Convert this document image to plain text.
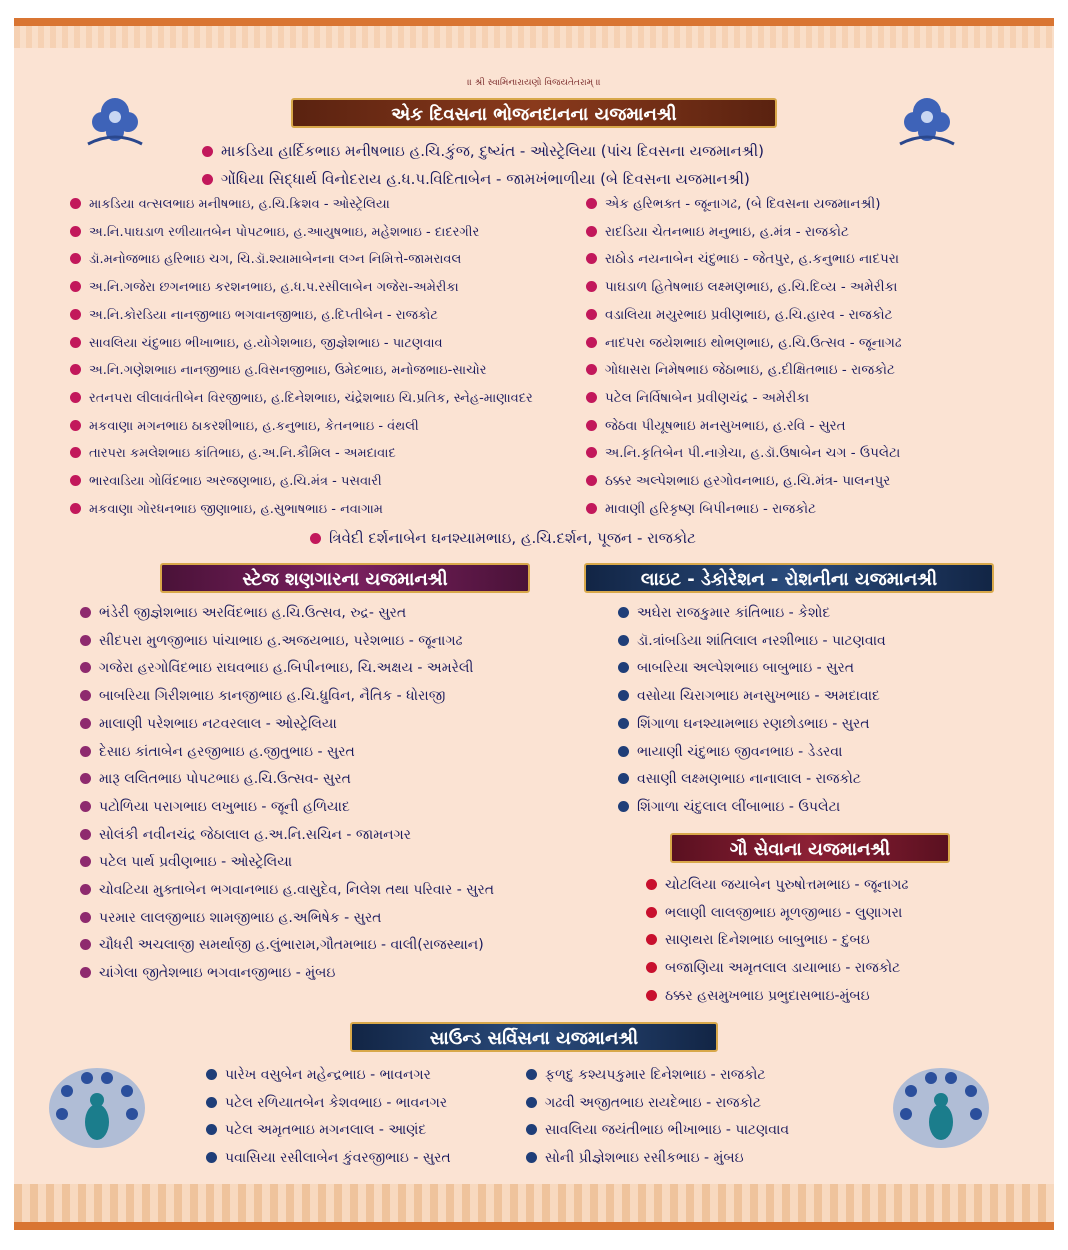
॥ શ્રી સ્વામિનારાયણો વિજયતેતરામ્ ॥
એક દિવસના ભોજનદાનના યજમાનશ્રી
સ્ટેજ શણગારના યજમાનશ્રી	લાઇટ - ડેકોરેશન - રોશનીના યજમાનશ્રી
ગૌ સેવાના યજમાનશ્રી
સાઉન્ડ સર્વિસના યજમાનશ્રી
માકડિયા હાર્દિકભાઇ મનીષભાઇ હ.ચિ.કુંજ, દુષ્યંત - ઓસ્ટ્રેલિયા (પાંચ દિવસના યજમાનશ્રી)
ગોંધિયા સિદ્ધાર્થ વિનોદરાય હ.ધ.પ.વિદિતાબેન - જામખંભાળીયા (બે દિવસના યજમાનશ્રી)
માકડિયા વત્સલભાઇ મનીષભાઇ, હ.ચિ.ક્રિશવ - ઓસ્ટ્રેલિયા
અ.નિ.પાઘડાળ રળીયાતબેન પોપટભાઇ, હ.આયુષભાઇ, મહેશભાઇ - દાદરગીર
ડૉ.મનોજભાઇ હરિભાઇ ચગ, ચિ.ડૉ.શ્યામાબેનના લગ્ન નિમિત્તે-જામરાવલ
અ.નિ.ગજેરા છગનભાઇ કરશનભાઇ, હ.ધ.પ.રસીલાબેન ગજેરા-અમેરીકા
અ.નિ.કોરડિયા નાનજીભાઇ ભગવાનજીભાઇ, હ.દિપ્તીબેન - રાજકોટ
સાવલિયા ચંદુભાઇ ભીખાભાઇ, હ.યોગેશભાઇ, જીજ્ઞેશભાઇ - પાટણવાવ
અ.નિ.ગણેશભાઇ નાનજીભાઇ હ.વિસનજીભાઇ, ઉમેદભાઇ, મનોજભાઇ-સાચોર
રતનપરા લીલાવંતીબેન વિરજીભાઇ, હ.દિનેશભાઇ, ચંદ્રેશભાઇ ચિ.પ્રતિક, સ્નેહ-માણાવદર
મકવાણા મગનભાઇ ઠાકરશીભાઇ, હ.કનુભાઇ, કેતનભાઇ - વંથલી
તારપરા કમલેશભાઇ કાંતિભાઇ, હ.અ.નિ.કૌમિલ - અમદાવાદ
ભારવાડિયા ગોવિંદભાઇ અરજણભાઇ, હ.ચિ.મંત્ર - પસવારી
મકવાણા ગોરધનભાઇ જીણાભાઇ, હ.સુભાષભાઇ - નવાગામ
એક હરિભક્ત - જૂનાગઢ, (બે દિવસના યજમાનશ્રી)
રાદડિયા ચેતનભાઇ મનુભાઇ, હ.મંત્ર - રાજકોટ
રાઠોડ નયનાબેન ચંદુભાઇ - જેતપુર, હ.કનુભાઇ નાદપરા
પાઘડાળ હિતેષભાઇ લક્ષ્મણભાઇ, હ.ચિ.દિવ્ય - અમેરીકા
વડાલિયા મયુરભાઇ પ્રવીણભાઇ, હ.ચિ.હારવ - રાજકોટ
નાદપરા જયેશભાઇ થોભણભાઇ, હ.ચિ.ઉત્સવ - જૂનાગઢ
ગોધાસરા નિમેષભાઇ જેઠાભાઇ, હ.દીક્ષિતભાઇ - રાજકોટ
પટેલ નિર્વિષાબેન પ્રવીણચંદ્ર - અમેરીકા
જેઠવા પીયૂષભાઇ મનસુખભાઇ, હ.રવિ - સુરત
અ.નિ.કૃતિબેન પી.નાગ્રેચા, હ.ડૉ.ઉષાબેન ચગ - ઉપલેટા
ઠક્કર અલ્પેશભાઇ હરગોવનભાઇ, હ.ચિ.મંત્ર- પાલનપુર
માવાણી હરિકૃષ્ણ બિપીનભાઇ - રાજકોટ
ત્રિવેદી દર્શનાબેન ઘનશ્યામભાઇ, હ.ચિ.દર્શન, પૂજન - રાજકોટ
ભંડેરી જીજ્ઞેશભાઇ અરવિંદભાઇ હ.ચિ.ઉત્સવ, રુદ્ર- સુરત
સીદપરા મુળજીભાઇ પાંચાભાઇ હ.અજયભાઇ, પરેશભાઇ - જૂનાગઢ
ગજેરા હરગોવિંદભાઇ રાઘવભાઇ હ.બિપીનભાઇ, ચિ.અક્ષય - અમરેલી
બાબરિયા ગિરીશભાઇ કાનજીભાઇ હ.ચિ.ધ્રુવિન, નૈતિક - ધોરાજી
માલાણી પરેશભાઇ નટવરલાલ - ઓસ્ટ્રેલિયા
દેસાઇ કાંતાબેન હરજીભાઇ હ.જીતુભાઇ - સુરત
મારૂ લલિતભાઇ પોપટભાઇ હ.ચિ.ઉત્સવ- સુરત
પટોળિયા પરાગભાઇ લખુભાઇ - જૂની હળિયાદ
સોલંકી નવીનચંદ્ર જેઠાલાલ હ.અ.નિ.સચિન - જામનગર
પટેલ પાર્થ પ્રવીણભાઇ - ઓસ્ટ્રેલિયા
ચોવટિયા મુક્તાબેન ભગવાનભાઇ હ.વાસુદેવ, નિલેશ તથા પરિવાર - સુરત
પરમાર લાલજીભાઇ શામજીભાઇ હ.અભિષેક - સુરત
ચૌધરી અચલાજી સમર્થાજી હ.લુંભારામ,ગૌતમભાઇ - વાલી(રાજસ્થાન)
ચાંગેલા જીતેશભાઇ ભગવાનજીભાઇ - મુંબઇ
અઘેરા રાજકુમાર કાંતિભાઇ - કેશોદ
ડૉ.ત્રાંબડિયા શાંતિલાલ નરશીભાઇ - પાટણવાવ
બાબરિયા અલ્પેશભાઇ બાબુભાઇ - સુરત
વસોયા ચિરાગભાઇ મનસુખભાઇ - અમદાવાદ
શિંગાળા ઘનશ્યામભાઇ રણછોડભાઇ - સુરત
ભાયાણી ચંદુભાઇ જીવનભાઇ - ડેડરવા
વસાણી લક્ષ્મણભાઇ નાનાલાલ - રાજકોટ
શિંગાળા ચંદુલાલ લીંબાભાઇ - ઉપલેટા
ચોટલિયા જયાબેન પુરુષોત્તમભાઇ - જૂનાગઢ
ભલાણી લાલજીભાઇ મૂળજીભાઇ - લુણાગરા
સાણથરા દિનેશભાઇ બાબુભાઇ - દુબઇ
બજાણિયા અમૃતલાલ ડાયાભાઇ - રાજકોટ
ઠક્કર હસમુખભાઇ પ્રભુદાસભાઇ-મુંબઇ
પારેખ વસુબેન મહેન્દ્રભાઇ - ભાવનગર
પટેલ રળિયાતબેન કેશવભાઇ - ભાવનગર
પટેલ અમૃતભાઇ મગનલાલ - આણંદ
પવાસિયા રસીલાબેન કુંવરજીભાઇ - સુરત
ફળદુ કશ્યપકુમાર દિનેશભાઇ - રાજકોટ
ગઢવી અજીતભાઇ રાયદેભાઇ - રાજકોટ
સાવલિયા જયંતીભાઇ ભીખાભાઇ - પાટણવાવ
સોની પ્રીજ્ઞેશભાઇ રસીકભાઇ - મુંબઇ
